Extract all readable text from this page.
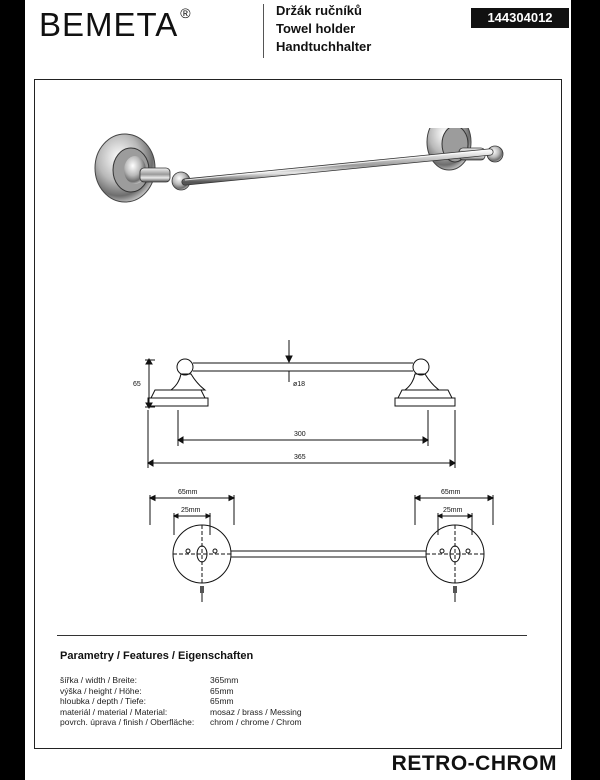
BEMETA ®	Držák ručníků
Towel holder
Handtuchhalter
144304012
65	ø18
300
365
65mm
25mm
65mm
25mm
Parametry / Features / Eigenschaften
šířka / width / Breite:	365mm
výška / height / Höhe:	65mm
hloubka / depth / Tiefe:	65mm
materiál / material / Material:	mosaz / brass / Messing
povrch. úprava / finish / Oberfläche:	chrom / chrome / Chrom
RETRO-CHROM
